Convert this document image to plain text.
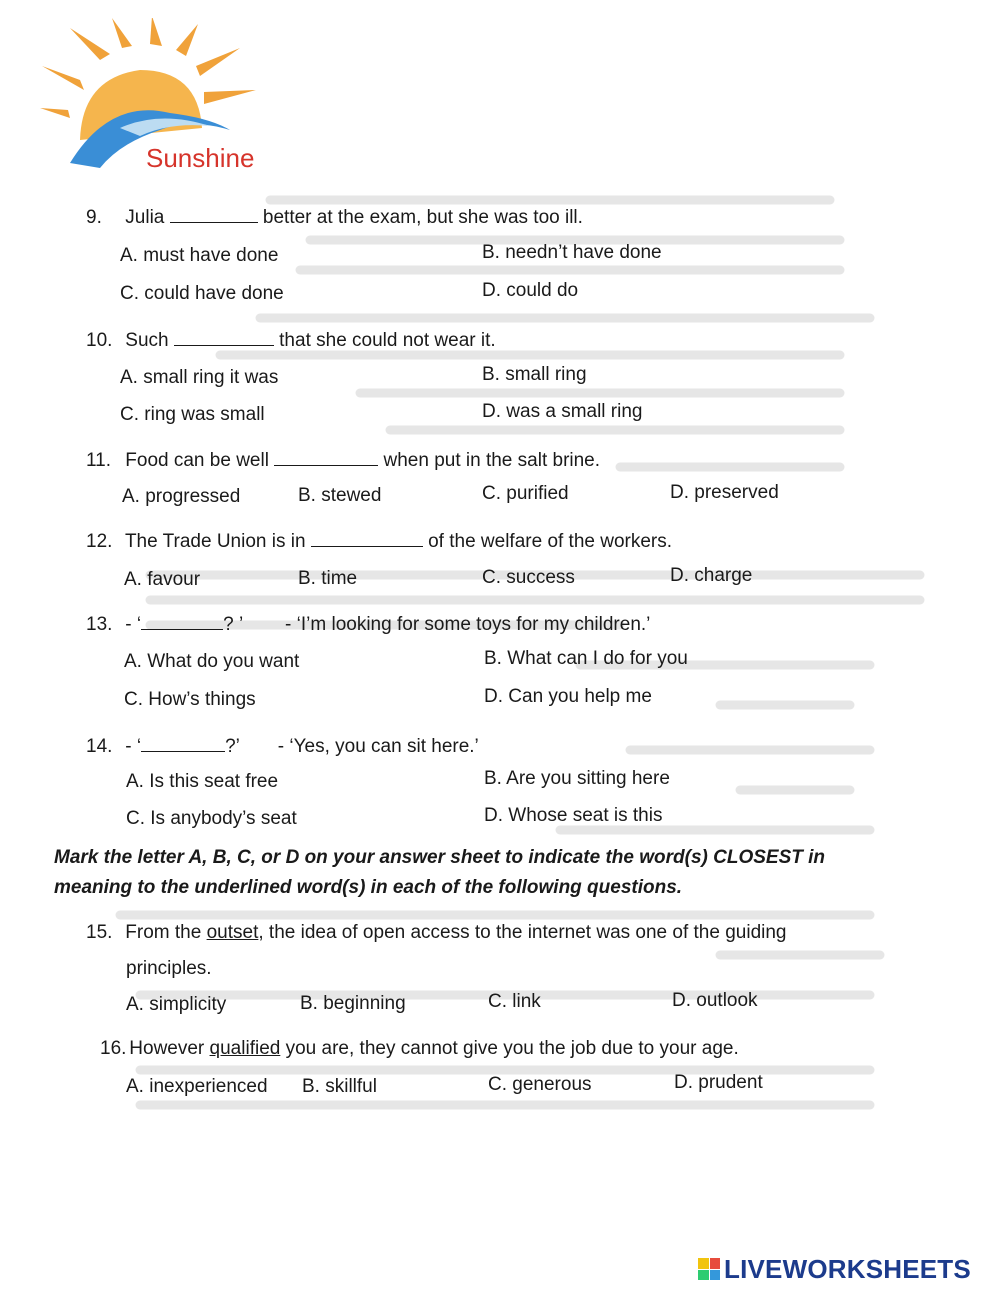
Sunshine
9. Julia	better at the exam, but she was too ill.
A. must have done	B. needn’t have done
C. could have done	D. could do
10. Such	that she could not wear it.
A. small ring it was	B. small ring
C. ring was small	D. was a small ring
11. Food can be well	when put in the salt brine.
A. progressed	B. stewed	C. purified	D. preserved
12. The Trade Union is in	of the welfare of the workers.
A. favour	B. time	C. success	D. charge
13. - ‘	? ’ - ‘I’m looking for some toys for my children.’
A. What do you want	B. What can I do for you
C. How’s things	D. Can you help me
14. - ‘	?’ - ‘Yes, you can sit here.’
A. Is this seat free	B. Are you sitting here
C. Is anybody’s seat	D. Whose seat is this
Mark the letter A, B, C, or D on your answer sheet to indicate the word(s) CLOSEST in
meaning to the underlined word(s) in each of the following questions.
15. From the outset, the idea of open access to the internet was one of the guiding
principles.
A. simplicity	B. beginning	C. link	D. outlook
16. However qualified you are, they cannot give you the job due to your age.
A. inexperienced B. skillful	C. generous	D. prudent
LIVEWORKSHEETS
